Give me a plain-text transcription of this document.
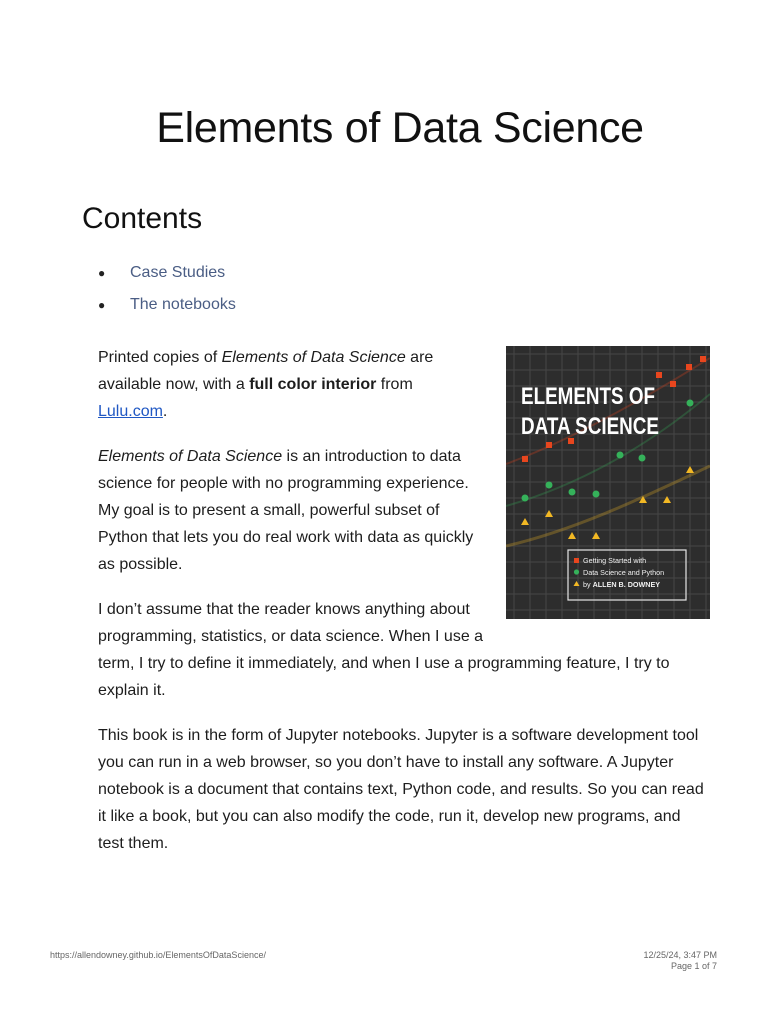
Elements of Data Science
Contents
● Case Studies
● The notebooks
ELEMENTS OF
DATA SCIENCE
Getting Started with
Data Science and Python
by ALLEN B. DOWNEY

Printed copies of Elements of Data Science are available now, with a full color interior from
Lulu.com.

Elements of Data Science is an introduction to data science for people with no programming experience. My goal is to present a small, powerful subset of Python that lets you do real work with data as quickly as possible.

I don’t assume that the reader knows anything about programming, statistics, or data science. When I use a term, I try to define it immediately, and when I use a programming feature, I try to explain it.

This book is in the form of Jupyter notebooks. Jupyter is a software development tool you can run in a web browser, so you don’t have to install any software. A Jupyter notebook is a document that contains text, Python code, and results. So you can read it like a book, but you can also modify the code, run it, develop new programs, and test them.

https://allendowney.github.io/ElementsOfDataScience/	12/25/24, 3:47 PM
Page 1 of 7
